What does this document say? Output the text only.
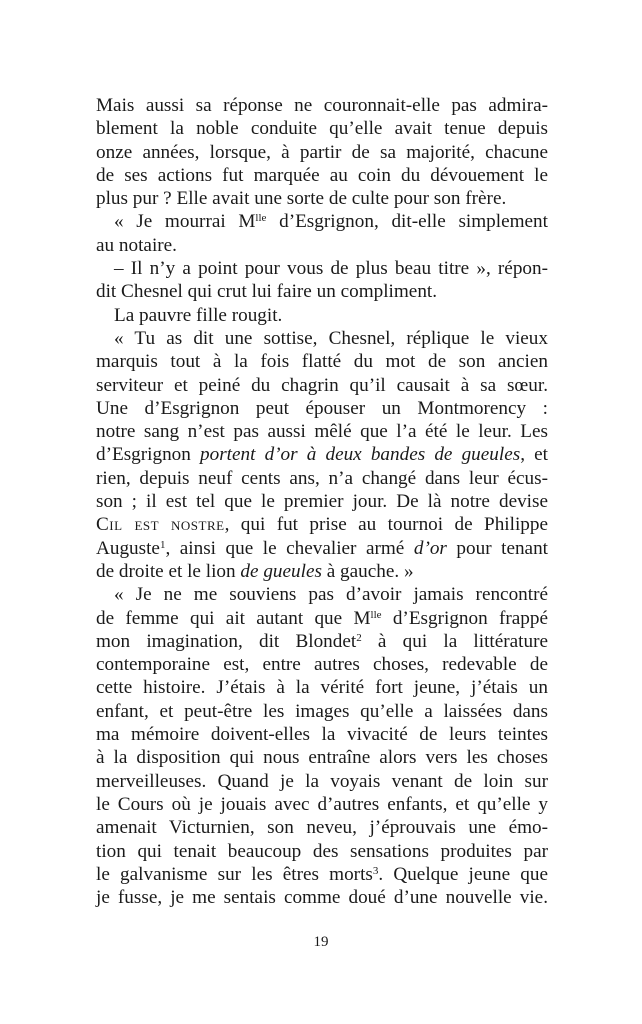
Mais aussi sa réponse ne couronnait-elle pas admira-
blement la noble conduite qu’elle avait tenue depuis
onze années, lorsque, à partir de sa majorité, chacune
de ses actions fut marquée au coin du dévouement le
plus pur ? Elle avait une sorte de culte pour son frère.
« Je mourrai $M^{lle}$ d’Esgrignon, dit-elle simplement
au notaire.
– Il n’y a point pour vous de plus beau titre », répon-
dit Chesnel qui crut lui faire un compliment.
La pauvre fille rougit.
« Tu as dit une sottise, Chesnel, réplique le vieux
marquis tout à la fois flatté du mot de son ancien
serviteur et peiné du chagrin qu’il causait à sa sœur.
Une d’Esgrignon peut épouser un Montmorency :
notre sang n’est pas aussi mêlé que l’a été le leur. Les
d’Esgrignon portent d’or à deux bandes de gueules, et
rien, depuis neuf cents ans, n’a changé dans leur écus-
son ; il est tel que le premier jour. De là notre devise
Cil est nostre, qui fut prise au tournoi de Philippe
Auguste$^1$, ainsi que le chevalier armé d’or pour tenant
de droite et le lion de gueules à gauche. »
« Je ne me souviens pas d’avoir jamais rencontré
de femme qui ait autant que $M^{lle}$ d’Esgrignon frappé
mon imagination, dit Blondet$^2$ à qui la littérature
contemporaine est, entre autres choses, redevable de
cette histoire. J’étais à la vérité fort jeune, j’étais un
enfant, et peut-être les images qu’elle a laissées dans
ma mémoire doivent-elles la vivacité de leurs teintes
à la disposition qui nous entraîne alors vers les choses
merveilleuses. Quand je la voyais venant de loin sur
le Cours où je jouais avec d’autres enfants, et qu’elle y
amenait Victurnien, son neveu, j’éprouvais une émo-
tion qui tenait beaucoup des sensations produites par
le galvanisme sur les êtres morts$^3$. Quelque jeune que
je fusse, je me sentais comme doué d’une nouvelle vie.
19
